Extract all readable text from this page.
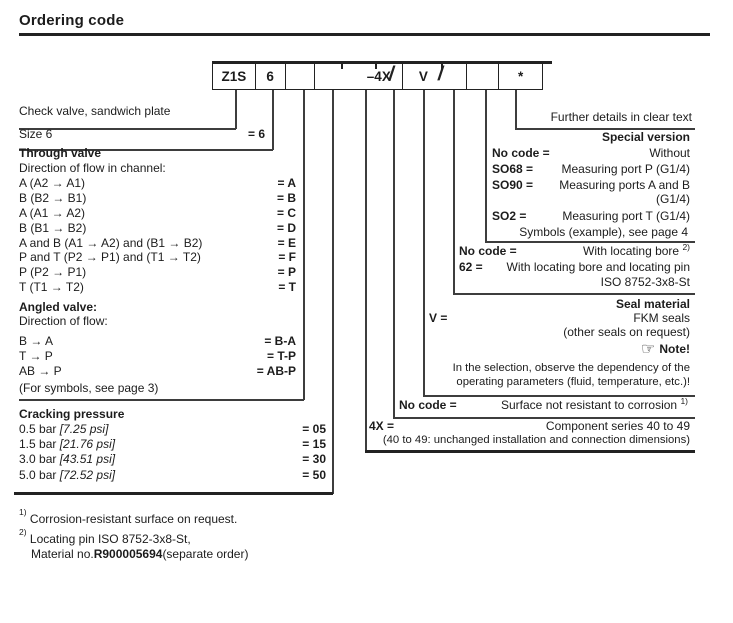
Ordering code
Z1S	6	–4X	V	*
/ /
Check valve, sandwich plate
Size 6	= 6
Through valve
Direction of flow in channel:
A (A2 → A1)	= A
B (B2 → B1)	= B
A (A1 → A2)	= C
B (B1 → B2)	= D
A and B (A1 → A2) and (B1 → B2)	= E
P and T (P2 → P1) and (T1 → T2)	= F
P (P2 → P1)	= P
T (T1 → T2)	= T
Angled valve:
Direction of flow:
B → A	= B-A
T → P	= T-P
AB → P	= AB-P
(For symbols, see page 3)
Cracking pressure
0.5 bar [7.25 psi]	= 05
1.5 bar [21.76 psi]	= 15
3.0 bar [43.51 psi]	= 30
5.0 bar [72.52 psi]	= 50
1)
Corrosion-resistant surface on request.
2)
Locating pin ISO 8752-3x8-St,
Material no. R900005694 (separate order)
Further details in clear text
Special version
No code =	Without
SO68 = Measuring port P (G1/4)
SO90 = Measuring ports A and B
(G1/4)
SO2 =	Measuring port T (G1/4)
Symbols (example), see page 4
No code =	With locating bore $^{2)}$
62 = With locating bore and locating pin
ISO 8752-3x8-St
Seal material
V =	FKM seals
(other seals on request)
☞ Note!
In the selection, observe the dependency of the
operating parameters (fluid, temperature, etc.)!
No code =	Surface not resistant to corrosion $^{1)}$
4X =	Component series 40 to 49
(40 to 49: unchanged installation and connection dimensions)
